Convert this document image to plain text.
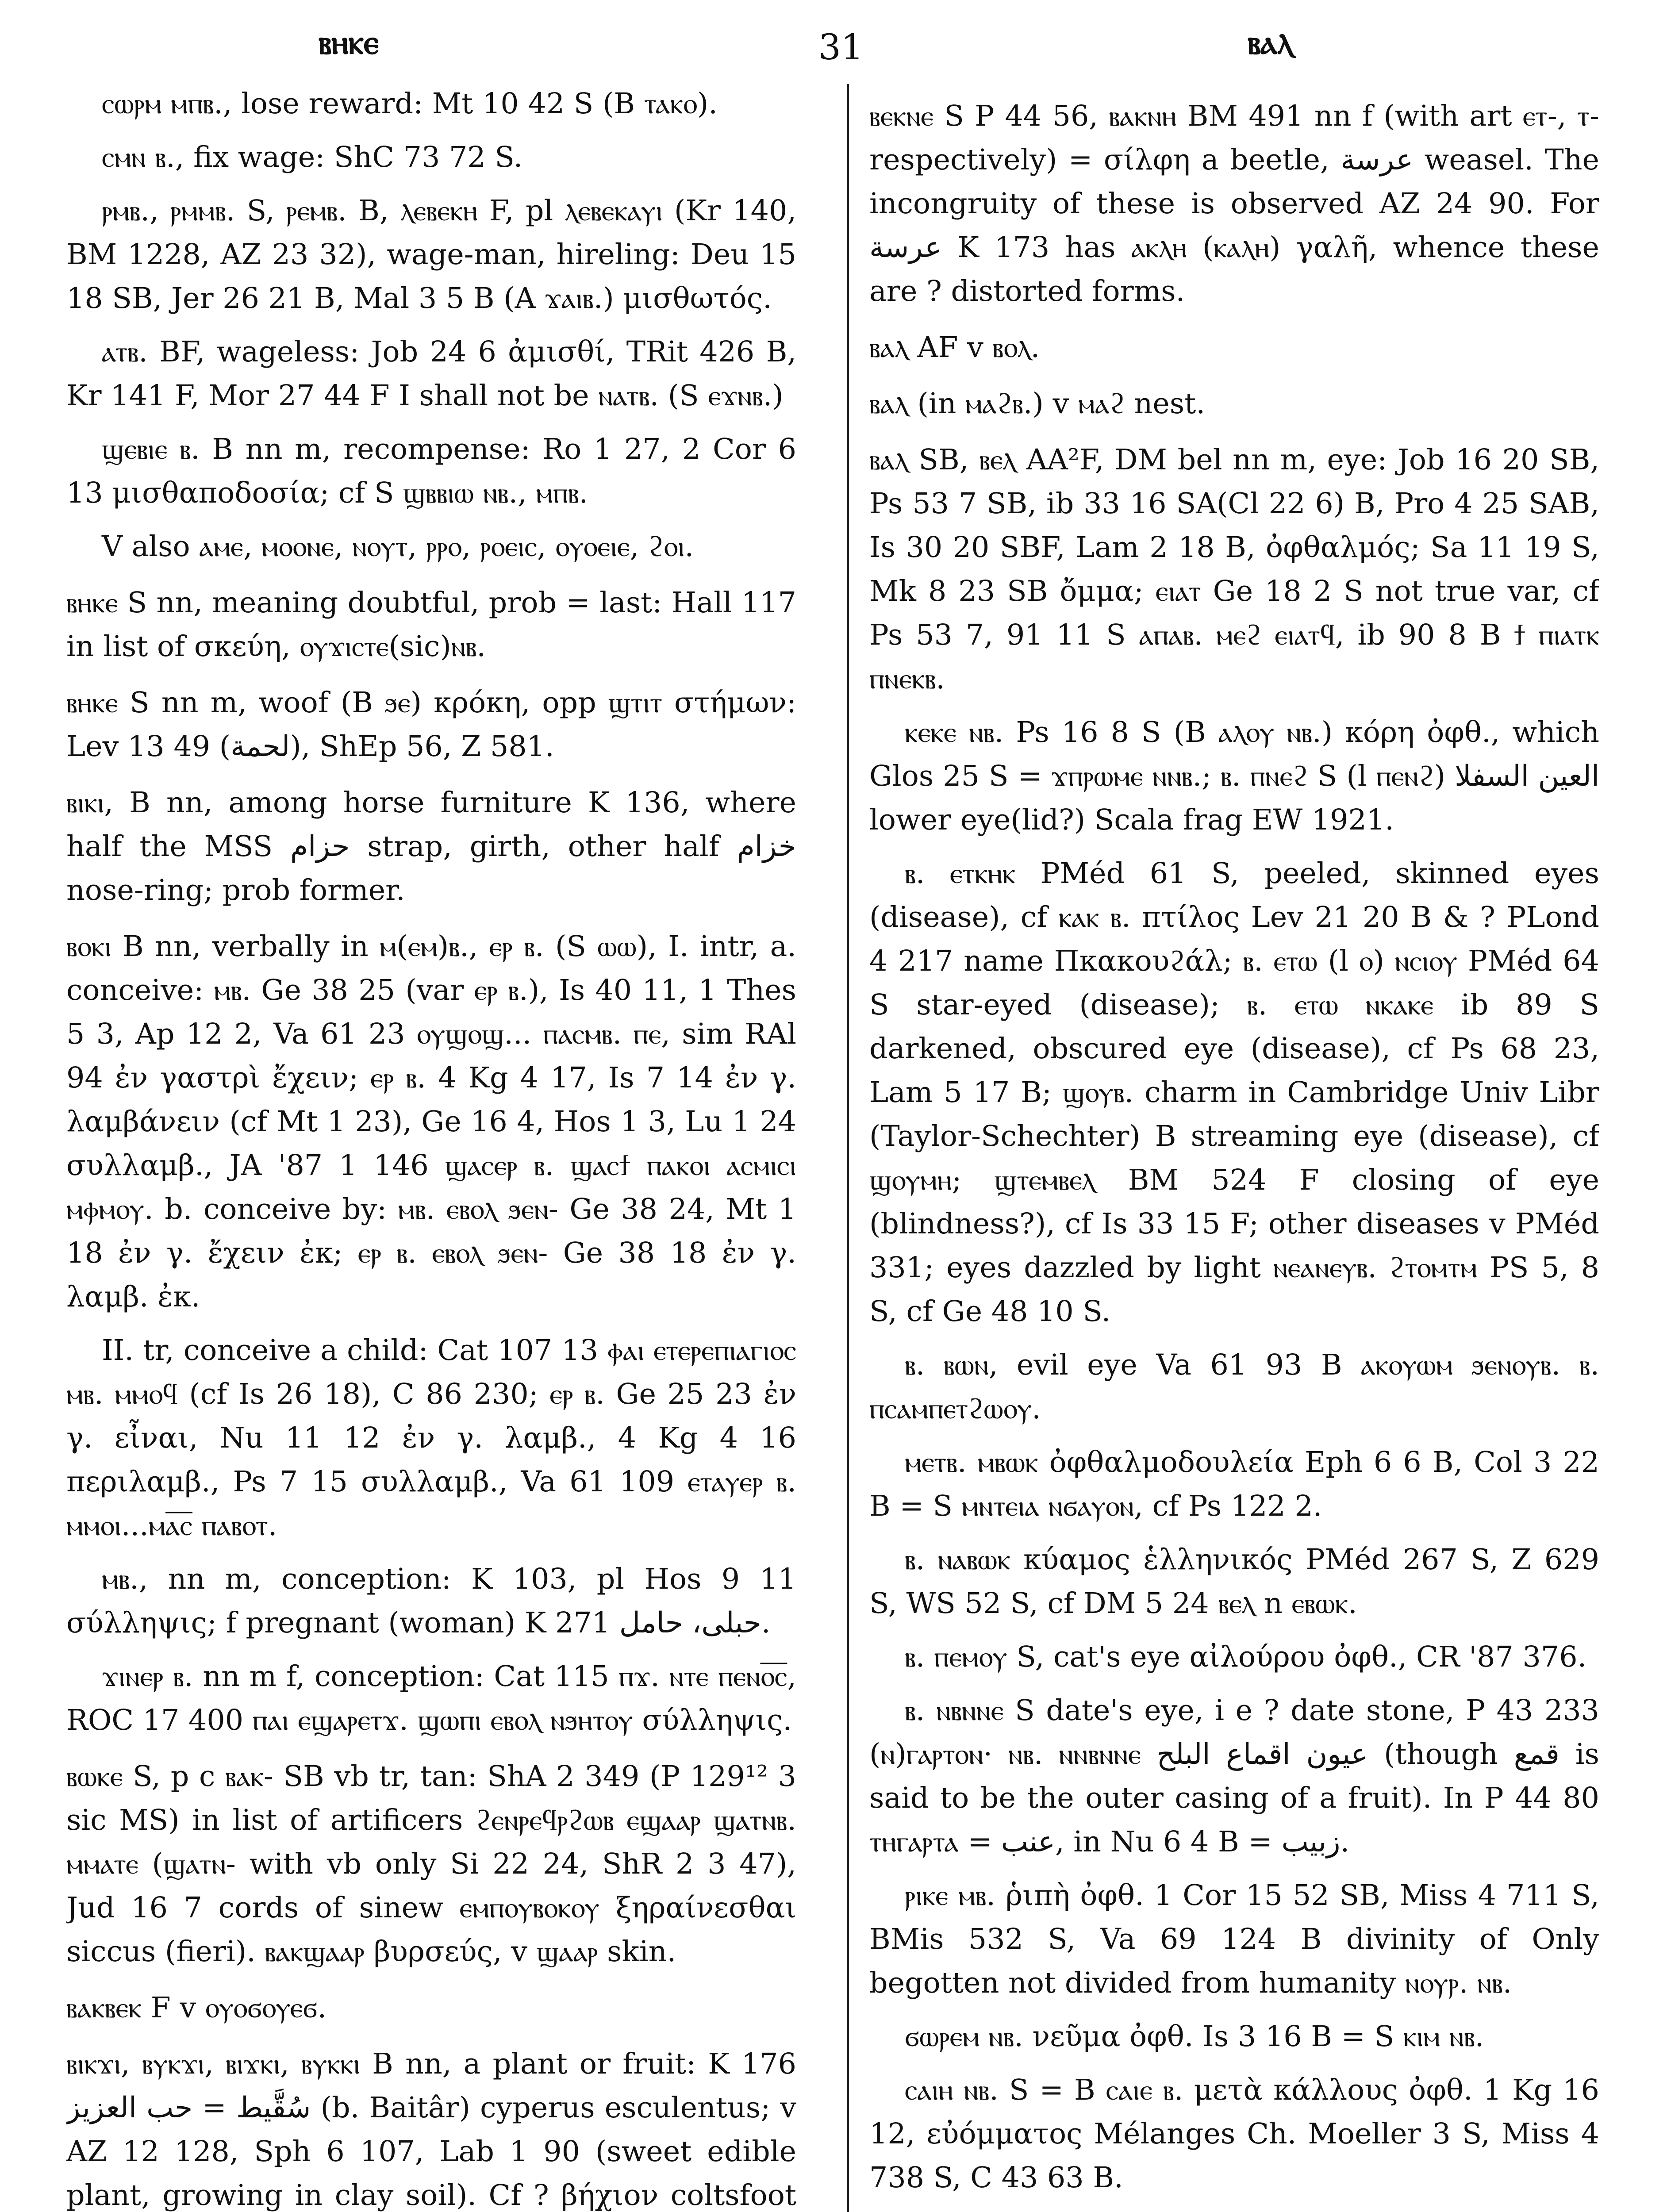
ⲃⲏⲕⲉ	31	ⲃⲁⲗ

ⲥⲱⲣⲙ ⲙⲡⲃ., lose reward: Mt 10 42 S (B ⲧⲁⲕⲟ).

ⲥⲙⲛ ⲃ., fix wage: ShC 73 72 S.

ⲣⲙⲃ., ⲣⲙⲙⲃ. S, ⲣⲉⲙⲃ. B, ⲗⲉⲃⲉⲕⲏ F, pl ⲗⲉⲃⲉⲕⲁⲩⲓ (Kr 140, BM 1228, AZ 23 32), wage-man, hireling: Deu 15 18 SB, Jer 26 21 B, Mal 3 5 B (A ϫⲁⲓⲃ.) μισθωτός.

ⲁⲧⲃ. BF, wageless: Job 24 6 ἀμισθί, TRit 426 B, Kr 141 F, Mor 27 44 F I shall not be ⲛⲁⲧⲃ. (S ⲉϫⲛⲃ.)

ϣⲉⲃⲓⲉ ⲃ. B nn m, recompense: Ro 1 27, 2 Cor 6 13 μισθαποδοσία; cf S ϣⲃⲃⲓⲱ ⲛⲃ., ⲙⲡⲃ.

V also ⲁⲙⲉ, ⲙⲟⲟⲛⲉ, ⲛⲟⲩⲧ, ⲣⲣⲟ, ⲣⲟⲉⲓⲥ, ⲟⲩⲟⲉⲓⲉ, ϩⲟⲓ.

ⲃⲏⲕⲉ S nn, meaning doubtful, prob = last: Hall 117 in list of σκεύη, ⲟⲩϫⲓⲥⲧⲉ(sic)ⲛⲃ.

ⲃⲏⲕⲉ S nn m, woof (B ϧⲉ) κρόκη, opp ϣⲧⲓⲧ στήμων: Lev 13 49 (لحمة), ShEp 56, Z 581.

ⲃⲓⲕⲓ, B nn, among horse furniture K 136, where half the MSS حزام strap, girth, other half خزام nose-ring; prob former.

ⲃⲟⲕⲓ B nn, verbally in ⲙ(ⲉⲙ)ⲃ., ⲉⲣ ⲃ. (S ⲱⲱ), I. intr, a. conceive: ⲙⲃ. Ge 38 25 (var ⲉⲣ ⲃ.), Is 40 11, 1 Thes 5 3, Ap 12 2, Va 61 23 ⲟⲩϣⲟϣ... ⲡⲁⲥⲙⲃ. ⲡⲉ, sim RAl 94 ἐν γαστρὶ ἔχειν; ⲉⲣ ⲃ. 4 Kg 4 17, Is 7 14 ἐν γ. λαμβάνειν (cf Mt 1 23), Ge 16 4, Hos 1 3, Lu 1 24 συλλαμβ., JA '87 1 146 ϣⲁⲥⲉⲣ ⲃ. ϣⲁⲥϯ ⲡⲁⲕⲟⲓ ⲁⲥⲙⲓⲥⲓ ⲙⲫⲙⲟⲩ. b. conceive by: ⲙⲃ. ⲉⲃⲟⲗ ϧⲉⲛ- Ge 38 24, Mt 1 18 ἐν γ. ἔχειν ἐκ; ⲉⲣ ⲃ. ⲉⲃⲟⲗ ϧⲉⲛ- Ge 38 18 ἐν γ. λαμβ. ἐκ.

II. tr, conceive a child: Cat 107 13 ⲫⲁⲓ ⲉⲧⲉⲣⲉⲡⲓⲁⲅⲓⲟⲥ ⲙⲃ. ⲙⲙⲟϥ (cf Is 26 18), C 86 230; ⲉⲣ ⲃ. Ge 25 23 ἐν γ. εἶναι, Nu 11 12 ἐν γ. λαμβ., 4 Kg 4 16 περιλαμβ., Ps 7 15 συλλαμβ., Va 61 109 ⲉⲧⲁⲩⲉⲣ ⲃ. ⲙⲙⲟⲓ...ⲙⲁ̅ⲥ̅ ⲡⲁⲃⲟⲧ.

ⲙⲃ., nn m, conception: K 103, pl Hos 9 11 σύλληψις; f pregnant (woman) K 271 حبلى، حامل.

ϫⲓⲛⲉⲣ ⲃ. nn m f, conception: Cat 115 ⲡϫ. ⲛⲧⲉ ⲡⲉⲛⲟ̅ⲥ̅, ROC 17 400 ⲡⲁⲓ ⲉϣⲁⲣⲉⲧϫ. ϣⲱⲡⲓ ⲉⲃⲟⲗ ⲛϧⲏⲧⲟⲩ σύλληψις.

ⲃⲱⲕⲉ S, p c ⲃⲁⲕ- SB vb tr, tan: ShA 2 349 (P 129¹² 3 sic MS) in list of artificers ϩⲉⲛⲣⲉϥⲣϩⲱⲃ ⲉϣⲁⲁⲣ ϣⲁⲧⲛⲃ. ⲙⲙⲁⲧⲉ (ϣⲁⲧⲛ- with vb only Si 22 24, ShR 2 3 47), Jud 16 7 cords of sinew ⲉⲙⲡⲟⲩⲃⲟⲕⲟⲩ ξηραίνεσθαι siccus (fieri). ⲃⲁⲕϣⲁⲁⲣ βυρσεύς, v ϣⲁⲁⲣ skin.

ⲃⲁⲕⲃⲉⲕ F v ⲟⲩⲟϭⲟⲩⲉϭ.

ⲃⲓⲕϫⲓ, ⲃⲩⲕϫⲓ, ⲃⲓϫⲕⲓ, ⲃⲩⲕⲕⲓ B nn, a plant or fruit: K 176 سُقَّيط = حب العزيز (b. Baitâr) cyperus esculentus; v AZ 12 128, Sph 6 107, Lab 1 90 (sweet edible plant, growing in clay soil). Cf ? βήχιον coltsfoot

ⲃⲉⲕⲛⲉ S P 44 56, ⲃⲁⲕⲛⲏ BM 491 nn f (with art ⲉⲧ-, ⲧ- respectively) = σίλφη a beetle, عرسة weasel. The incongruity of these is observed AZ 24 90. For عرسة K 173 has ⲁⲕⲗⲏ (ⲕⲁⲗⲏ) γαλῆ, whence these are ? distorted forms.

ⲃⲁⲗ AF v ⲃⲟⲗ.

ⲃⲁⲗ (in ⲙⲁϩⲃ.) v ⲙⲁϩ nest.

ⲃⲁⲗ SB, ⲃⲉⲗ AA²F, DM bel nn m, eye: Job 16 20 SB, Ps 53 7 SB, ib 33 16 SA(Cl 22 6) B, Pro 4 25 SAB, Is 30 20 SBF, Lam 2 18 B, ὀφθαλμός; Sa 11 19 S, Mk 8 23 SB ὄμμα; ⲉⲓⲁⲧ Ge 18 2 S not true var, cf Ps 53 7, 91 11 S ⲁⲡⲁⲃ. ⲙⲉϩ ⲉⲓⲁⲧϥ, ib 90 8 B ϯ ⲡⲓⲁⲧⲕ ⲡⲛⲉⲕⲃ.

ⲕⲉⲕⲉ ⲛⲃ. Ps 16 8 S (B ⲁⲗⲟⲩ ⲛⲃ.) κόρη ὀφθ., which Glos 25 S = ϫⲡⲣⲱⲙⲉ ⲛⲛⲃ.; ⲃ. ⲡⲛⲉϩ S (l ⲡⲉⲛϩ) العين السفلا lower eye(lid?) Scala frag EW 1921.

ⲃ. ⲉⲧⲕⲏⲕ PMéd 61 S, peeled, skinned eyes (disease), cf ⲕⲁⲕ ⲃ. πτίλος Lev 21 20 B & ? PLond 4 217 name Πκακουϩάλ; ⲃ. ⲉⲧⲱ (l ⲟ) ⲛⲥⲓⲟⲩ PMéd 64 S star-eyed (disease); ⲃ. ⲉⲧⲱ ⲛⲕⲁⲕⲉ ib 89 S darkened, obscured eye (disease), cf Ps 68 23, Lam 5 17 B; ϣⲟⲩⲃ. charm in Cambridge Univ Libr (Taylor-Schechter) B streaming eye (disease), cf ϣⲟⲩⲙⲏ; ϣⲧⲉⲙⲃⲉⲗ BM 524 F closing of eye (blindness?), cf Is 33 15 F; other diseases v PMéd 331; eyes dazzled by light ⲛⲉⲁⲛⲉⲩⲃ. ϩⲧⲟⲙⲧⲙ PS 5, 8 S, cf Ge 48 10 S.

ⲃ. ⲃⲱⲛ, evil eye Va 61 93 B ⲁⲕⲟⲩⲱⲙ ϧⲉⲛⲟⲩⲃ. ⲃ. ⲡⲥⲁⲙⲡⲉⲧϩⲱⲟⲩ.

ⲙⲉⲧⲃ. ⲙⲃⲱⲕ ὀφθαλμοδουλεία Eph 6 6 B, Col 3 22 B = S ⲙⲛⲧⲉⲓⲁ ⲛϭⲁⲩⲟⲛ, cf Ps 122 2.

ⲃ. ⲛⲁⲃⲱⲕ κύαμος ἑλληνικός PMéd 267 S, Z 629 S, WS 52 S, cf DM 5 24 ⲃⲉⲗ n ⲉⲃⲱⲕ.

ⲃ. ⲡⲉⲙⲟⲩ S, cat's eye αἰλούρου ὀφθ., CR '87 376.

ⲃ. ⲛⲃⲛⲛⲉ S date's eye, i e ? date stone, P 43 233 (ⲛ)ⲅⲁⲣⲧⲟⲛ· ⲛⲃ. ⲛⲛⲃⲛⲛⲉ عيون اقماع البلح (though قمع is said to be the outer casing of a fruit). In P 44 80 ⲧⲏⲅⲁⲣⲧⲁ = عنب, in Nu 6 4 B = زبيب.

ⲣⲓⲕⲉ ⲙⲃ. ῥιπὴ ὀφθ. 1 Cor 15 52 SB, Miss 4 711 S, BMis 532 S, Va 69 124 B divinity of Only begotten not divided from humanity ⲛⲟⲩⲣ. ⲛⲃ.

ϭⲱⲣⲉⲙ ⲛⲃ. νεῦμα ὀφθ. Is 3 16 B = S ⲕⲓⲙ ⲛⲃ.

ⲥⲁⲓⲏ ⲛⲃ. S = B ⲥⲁⲓⲉ ⲃ. μετὰ κάλλους ὀφθ. 1 Kg 16 12, εὐόμματος Mélanges Ch. Moeller 3 S, Miss 4 738 S, C 43 63 B.
